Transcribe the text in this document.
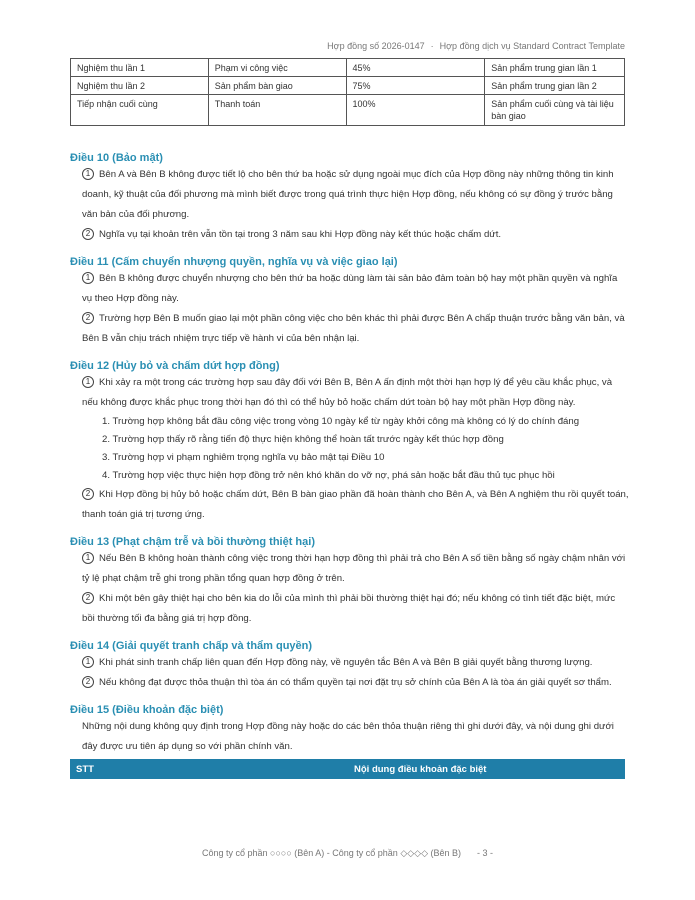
Hợp đồng số 2026-0147 · Hợp đồng dịch vụ Standard Contract Template
Nghiệm thu lần 1	Phạm vi công việc	45%	Sản phẩm trung gian lần 1
Nghiệm thu lần 2	Sản phẩm bàn giao	75%	Sản phẩm trung gian lần 2
Tiếp nhận cuối cùng	Thanh toán	100%	Sản phẩm cuối cùng và tài liệu bàn giao
Điều 10 (Bảo mật)
1 Bên A và Bên B không được tiết lộ cho bên thứ ba hoặc sử dụng ngoài mục đích của Hợp đồng này những thông tin kinh doanh, kỹ thuật của đối phương mà mình biết được trong quá trình thực hiện Hợp đồng, nếu không có sự đồng ý trước bằng văn bản của đối phương.
2 Nghĩa vụ tại khoản trên vẫn tồn tại trong 3 năm sau khi Hợp đồng này kết thúc hoặc chấm dứt.
Điều 11 (Cấm chuyển nhượng quyền, nghĩa vụ và việc giao lại)
1 Bên B không được chuyển nhượng cho bên thứ ba hoặc dùng làm tài sản bảo đảm toàn bộ hay một phần quyền và nghĩa vụ theo Hợp đồng này.
2 Trường hợp Bên B muốn giao lại một phần công việc cho bên khác thì phải được Bên A chấp thuận trước bằng văn bản, và Bên B vẫn chịu trách nhiệm trực tiếp về hành vi của bên nhận lại.
Điều 12 (Hủy bỏ và chấm dứt hợp đồng)
1 Khi xảy ra một trong các trường hợp sau đây đối với Bên B, Bên A ấn định một thời hạn hợp lý để yêu cầu khắc phục, và nếu không được khắc phục trong thời hạn đó thì có thể hủy bỏ hoặc chấm dứt toàn bộ hay một phần Hợp đồng này.
1. Trường hợp không bắt đầu công việc trong vòng 10 ngày kể từ ngày khởi công mà không có lý do chính đáng
2. Trường hợp thấy rõ rằng tiến độ thực hiện không thể hoàn tất trước ngày kết thúc hợp đồng
3. Trường hợp vi phạm nghiêm trọng nghĩa vụ bảo mật tại Điều 10
4. Trường hợp việc thực hiện hợp đồng trở nên khó khăn do vỡ nợ, phá sản hoặc bắt đầu thủ tục phục hồi
2 Khi Hợp đồng bị hủy bỏ hoặc chấm dứt, Bên B bàn giao phần đã hoàn thành cho Bên A, và Bên A nghiệm thu rồi quyết toán, thanh toán giá trị tương ứng.
Điều 13 (Phạt chậm trễ và bồi thường thiệt hại)
1 Nếu Bên B không hoàn thành công việc trong thời hạn hợp đồng thì phải trả cho Bên A số tiền bằng số ngày chậm nhân với tỷ lệ phạt chậm trễ ghi trong phần tổng quan hợp đồng ở trên.
2 Khi một bên gây thiệt hại cho bên kia do lỗi của mình thì phải bồi thường thiệt hại đó; nếu không có tình tiết đặc biệt, mức bồi thường tối đa bằng giá trị hợp đồng.
Điều 14 (Giải quyết tranh chấp và thẩm quyền)
1 Khi phát sinh tranh chấp liên quan đến Hợp đồng này, về nguyên tắc Bên A và Bên B giải quyết bằng thương lượng.
2 Nếu không đạt được thỏa thuận thì tòa án có thẩm quyền tại nơi đặt trụ sở chính của Bên A là tòa án giải quyết sơ thẩm.
Điều 15 (Điều khoản đặc biệt)
Những nội dung không quy định trong Hợp đồng này hoặc do các bên thỏa thuận riêng thì ghi dưới đây, và nội dung ghi dưới đây được ưu tiên áp dụng so với phần chính văn.
STT	Nội dung điều khoản đặc biệt
Công ty cổ phần ○○○○ (Bên A) - Công ty cổ phần ◇◇◇◇ (Bên B) - 3 -
